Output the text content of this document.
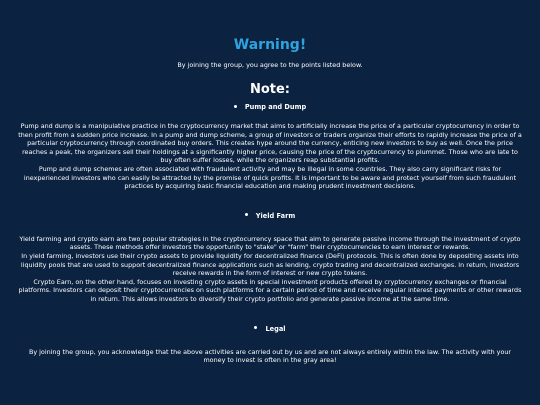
Warning!

By joining the group, you agree to the points listed below.

Note:
Pump and Dump

Pump and dump is a manipulative practice in the cryptocurrency market that aims to artificially increase the price of a particular cryptocurrency in order to then profit from a sudden price increase. In a pump and dump scheme, a group of investors or traders organize their efforts to rapidly increase the price of a particular cryptocurrency through coordinated buy orders. This creates hype around the currency, enticing new investors to buy as well. Once the price reaches a peak, the organizers sell their holdings at a significantly higher price, causing the price of the cryptocurrency to plummet. Those who are late to buy often suffer losses, while the organizers reap substantial profits.

Pump and dump schemes are often associated with fraudulent activity and may be illegal in some countries. They also carry significant risks for inexperienced investors who can easily be attracted by the promise of quick profits. It is important to be aware and protect yourself from such fraudulent practices by acquiring basic financial education and making prudent investment decisions.

Yield Farm

Yield farming and crypto earn are two popular strategies in the cryptocurrency space that aim to generate passive income through the investment of crypto assets. These methods offer investors the opportunity to "stake" or "farm" their cryptocurrencies to earn interest or rewards.

In yield farming, investors use their crypto assets to provide liquidity for decentralized finance (DeFi) protocols. This is often done by depositing assets into liquidity pools that are used to support decentralized finance applications such as lending, crypto trading and decentralized exchanges. In return, investors receive rewards in the form of interest or new crypto tokens.

Crypto Earn, on the other hand, focuses on investing crypto assets in special investment products offered by cryptocurrency exchanges or financial platforms. Investors can deposit their cryptocurrencies on such platforms for a certain period of time and receive regular interest payments or other rewards in return. This allows investors to diversify their crypto portfolio and generate passive income at the same time.

Legal

By joining the group, you acknowledge that the above activities are carried out by us and are not always entirely within the law. The activity with your money to invest is often in the gray area!
